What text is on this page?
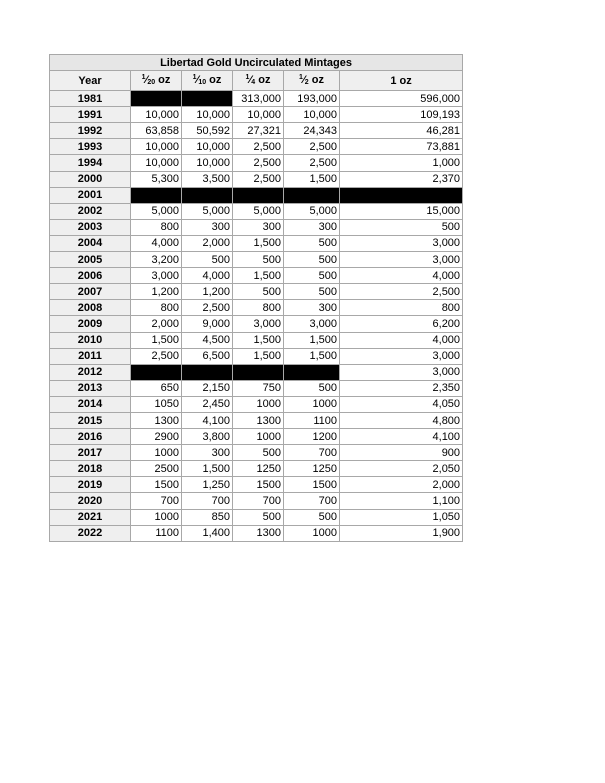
Libertad Gold Uncirculated Mintages					
Year	$^1⁄_{20}$ oz	$^1⁄_{10}$ oz	$^1⁄_4$ oz	$^1⁄_2$ oz	1 oz
1981			313,000	193,000	596,000
1991	10,000	10,000	10,000	10,000	109,193
1992	63,858	50,592	27,321	24,343	46,281
1993	10,000	10,000	2,500	2,500	73,881
1994	10,000	10,000	2,500	2,500	1,000
2000	5,300	3,500	2,500	1,500	2,370
2001					
2002	5,000	5,000	5,000	5,000	15,000
2003	800	300	300	300	500
2004	4,000	2,000	1,500	500	3,000
2005	3,200	500	500	500	3,000
2006	3,000	4,000	1,500	500	4,000
2007	1,200	1,200	500	500	2,500
2008	800	2,500	800	300	800
2009	2,000	9,000	3,000	3,000	6,200
2010	1,500	4,500	1,500	1,500	4,000
2011	2,500	6,500	1,500	1,500	3,000
2012					3,000
2013	650	2,150	750	500	2,350
2014	1050	2,450	1000	1000	4,050
2015	1300	4,100	1300	1100	4,800
2016	2900	3,800	1000	1200	4,100
2017	1000	300	500	700	900
2018	2500	1,500	1250	1250	2,050
2019	1500	1,250	1500	1500	2,000
2020	700	700	700	700	1,100
2021	1000	850	500	500	1,050
2022	1100	1,400	1300	1000	1,900
